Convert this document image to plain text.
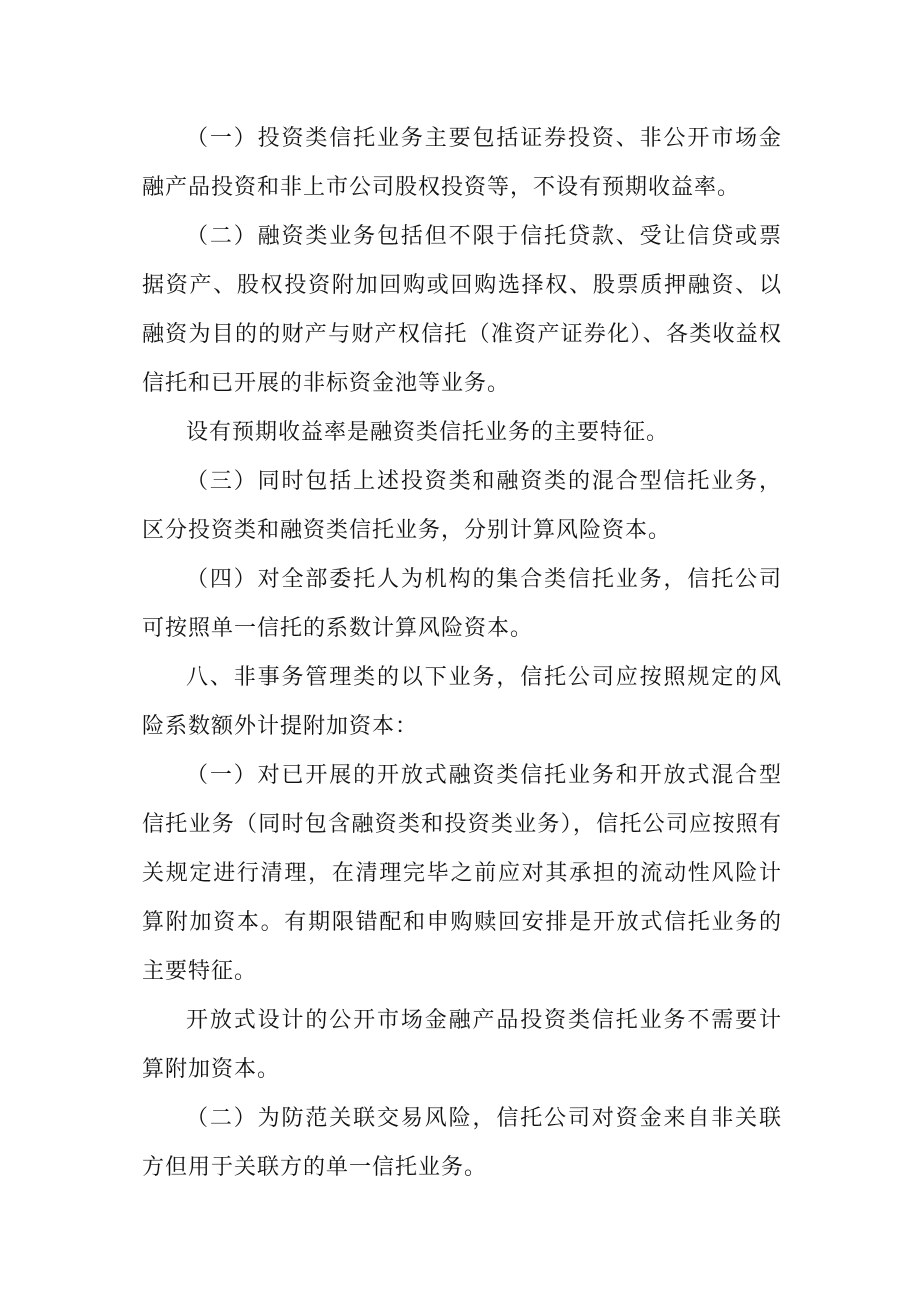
（一）投资类信托业务主要包括证券投资、非公开市场金融产品投资和非上市公司股权投资等，不设有预期收益率。

（二）融资类业务包括但不限于信托贷款、受让信贷或票据资产、股权投资附加回购或回购选择权、股票质押融资、以融资为目的的财产与财产权信托（准资产证券化）、各类收益权信托和已开展的非标资金池等业务。

设有预期收益率是融资类信托业务的主要特征。

（三）同时包括上述投资类和融资类的混合型信托业务，区分投资类和融资类信托业务，分别计算风险资本。

（四）对全部委托人为机构的集合类信托业务，信托公司可按照单一信托的系数计算风险资本。

八、非事务管理类的以下业务，信托公司应按照规定的风险系数额外计提附加资本：

（一）对已开展的开放式融资类信托业务和开放式混合型信托业务（同时包含融资类和投资类业务），信托公司应按照有关规定进行清理，在清理完毕之前应对其承担的流动性风险计算附加资本。有期限错配和申购赎回安排是开放式信托业务的主要特征。

开放式设计的公开市场金融产品投资类信托业务不需要计算附加资本。

（二）为防范关联交易风险，信托公司对资金来自非关联方但用于关联方的单一信托业务。
